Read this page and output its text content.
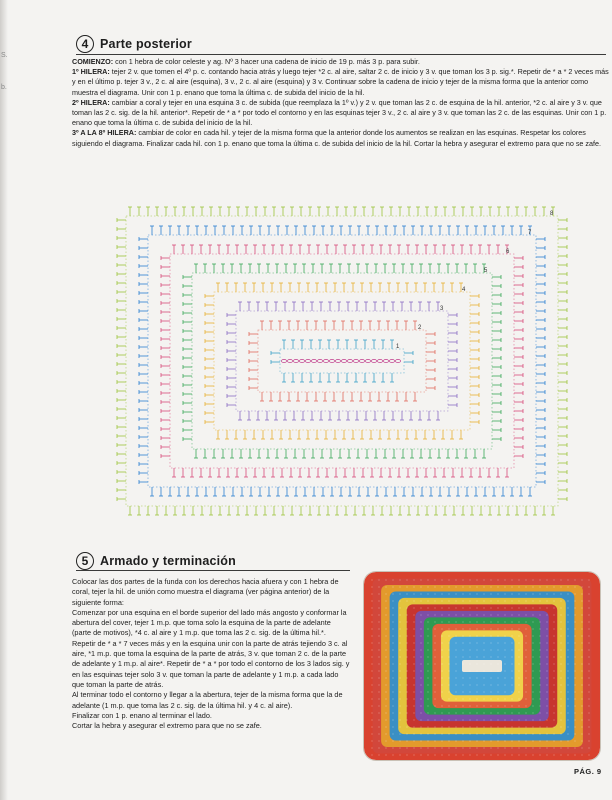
S.
b.
4 Parte posterior

COMIENZO: con 1 hebra de color celeste y ag. Nº 3 hacer una cadena de inicio de 19 p. más 3 p. para subir.

1º HILERA: tejer 2 v. que tomen el 4º p. c. contando hacia atrás y luego tejer *2 c. al aire, saltar 2 c. de inicio y 3 v. que toman los 3 p. sig.*. Repetir de * a * 2 veces más y en el último p. tejer 3 v., 2 c. al aire (esquina), 3 v., 2 c. al aire (esquina) y 3 v. Continuar sobre la cadena de inicio y tejer de la misma forma que la anterior como muestra el diagrama. Unir con 1 p. enano que toma la última c. de subida del inicio de la hil.

2º HILERA: cambiar a coral y tejer en una esquina 3 c. de subida (que reemplaza la 1º v.) y 2 v. que toman las 2 c. de esquina de la hil. anterior, *2 c. al aire y 3 v. que toman las 2 c. sig. de la hil. anterior*. Repetir de * a * por todo el contorno y en las esquinas tejer 3 v., 2 c. al aire y 3 v. que toman las 2 c. de las esquinas. Unir con 1 p. enano que toma la última c. de subida del inicio de la hil.

3º A LA 8º HILERA: cambiar de color en cada hil. y tejer de la misma forma que la anterior donde los aumentos se realizan en las esquinas. Respetar los colores siguiendo el diagrama. Finalizar cada hil. con 1 p. enano que toma la última c. de subida del inicio de la hil. Cortar la hebra y asegurar el extremo para que no se zafe.

1
2
3
4
5
6
7
8
5 Armado y terminación

Colocar las dos partes de la funda con los derechos hacia afuera y con 1 hebra de coral, tejer la hil. de unión como muestra el diagrama (ver página anterior) de la siguiente forma:

Comenzar por una esquina en el borde superior del lado más angosto y conformar la abertura del cover, tejer 1 m.p. que toma solo la esquina de la parte de adelante (parte de motivos), *4 c. al aire y 1 m.p. que toma las 2 c. sig. de la última hil.*. Repetir de * a * 7 veces más y en la esquina unir con la parte de atrás tejiendo 3 c. al aire, *1 m.p. que toma la esquina de la parte de atrás, 3 v. que toman 2 c. de la parte de adelante y 1 m.p. al aire*. Repetir de * a * por todo el contorno de los 3 lados sig. y en las esquinas tejer solo 3 v. que toman la parte de adelante y 1 m.p. a cada lado que toman la parte de atrás.

Al terminar todo el contorno y llegar a la abertura, tejer de la misma forma que la de adelante (1 m.p. que toma las 2 c. sig. de la última hil. y 4 c. al aire).

Finalizar con 1 p. enano al terminar el lado.

Cortar la hebra y asegurar el extremo para que no se zafe.

PÁG. 9
